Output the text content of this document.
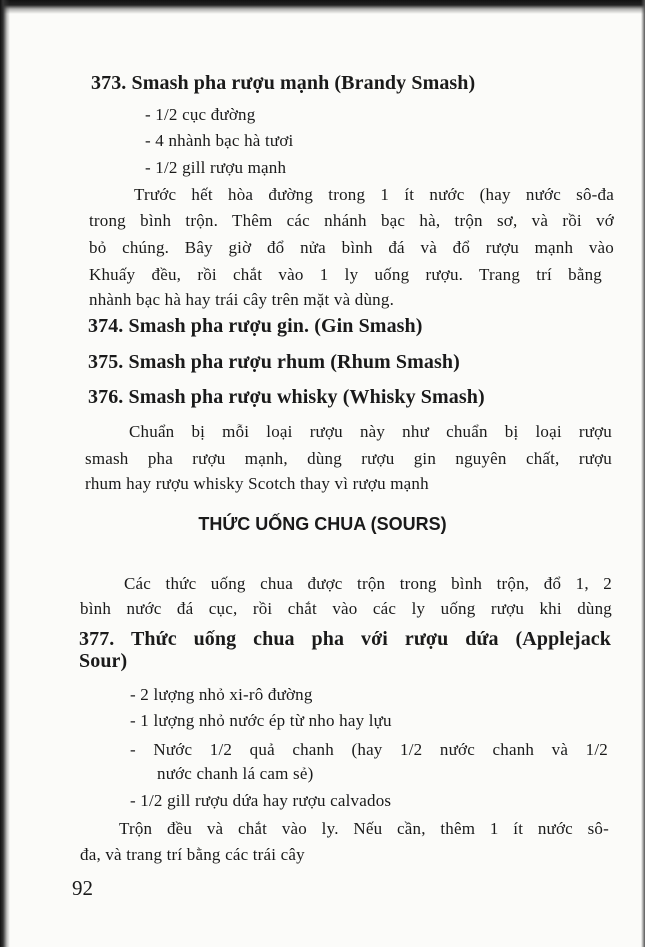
373. Smash pha rượu mạnh (Brandy Smash)

- 1/2 cục đường

- 4 nhành bạc hà tươi

- 1/2 gill rượu mạnh

Trước hết hòa đường trong 1 ít nước (hay nước sô-đa

trong bình trộn. Thêm các nhánh bạc hà, trộn sơ, và rồi vớ

bỏ chúng. Bây giờ đổ nửa bình đá và đổ rượu mạnh vào

Khuấy đều, rồi chắt vào 1 ly uống rượu. Trang trí bằng

nhành bạc hà hay trái cây trên mặt và dùng.

374. Smash pha rượu gin. (Gin Smash)

375. Smash pha rượu rhum (Rhum Smash)

376. Smash pha rượu whisky (Whisky Smash)

Chuẩn bị mỗi loại rượu này như chuẩn bị loại rượu

smash pha rượu mạnh, dùng rượu gin nguyên chất, rượu

rhum hay rượu whisky Scotch thay vì rượu mạnh

THỨC UỐNG CHUA (SOURS)

Các thức uống chua được trộn trong bình trộn, đổ 1, 2

bình nước đá cục, rồi chắt vào các ly uống rượu khi dùng

377. Thức uống chua pha với rượu dứa (Applejack

Sour)

- 2 lượng nhỏ xi-rô đường

- 1 lượng nhỏ nước ép từ nho hay lựu

- Nước 1/2 quả chanh (hay 1/2 nước chanh và 1/2

nước chanh lá cam sẻ)

- 1/2 gill rượu dứa hay rượu calvados

Trộn đều và chắt vào ly. Nếu cần, thêm 1 ít nước sô-

đa, và trang trí bằng các trái cây

92
